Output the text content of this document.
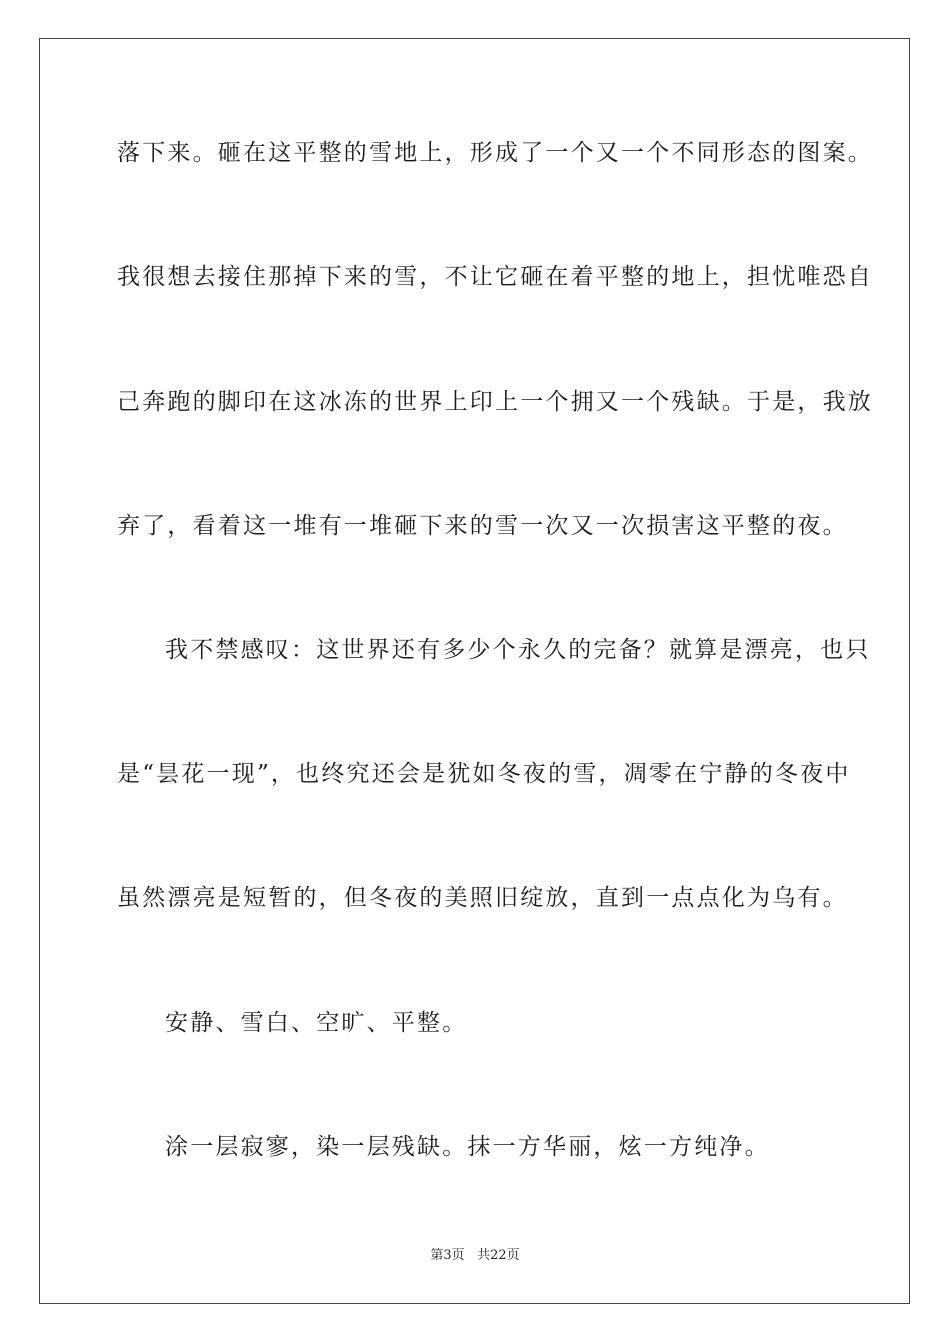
落下来。砸在这平整的雪地上，形成了一个又一个不同形态的图案。
我很想去接住那掉下来的雪，不让它砸在着平整的地上，担忧唯恐自
己奔跑的脚印在这冰冻的世界上印上一个拥又一个残缺。于是，我放
弃了，看着这一堆有一堆砸下来的雪一次又一次损害这平整的夜。
我不禁感叹：这世界还有多少个永久的完备？就算是漂亮，也只
是“昙花一现”，也终究还会是犹如冬夜的雪，凋零在宁静的冬夜中
虽然漂亮是短暂的，但冬夜的美照旧绽放，直到一点点化为乌有。
安静、雪白、空旷、平整。
涂一层寂寥，染一层残缺。抹一方华丽，炫一方纯净。
第3页 共22页
